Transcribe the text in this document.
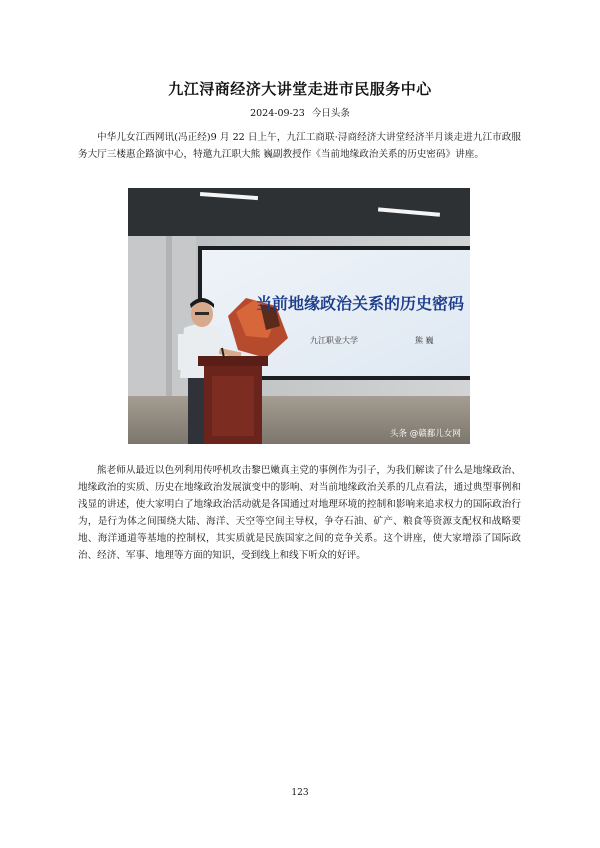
九江浔商经济大讲堂走进市民服务中心
2024-09-23 今日头条

中华儿女江西网讯(冯正经)9 月 22 日上午，九江工商联·浔商经济大讲堂经济半月谈走进九江市政服务大厅三楼惠企路演中心，特邀九江职大熊 巍副教授作《当前地缘政治关系的历史密码》讲座。

当前地缘政治关系的历史密码
九江职业大学	熊 巍
头条 @赣鄱儿女网

熊老师从最近以色列利用传呼机攻击黎巴嫩真主党的事例作为引子，为我们解读了什么是地缘政治、地缘政治的实质、历史在地缘政治发展演变中的影响、对当前地缘政治关系的几点看法，通过典型事例和浅显的讲述，使大家明白了地缘政治活动就是各国通过对地理环境的控制和影响来追求权力的国际政治行为，是行为体之间围绕大陆、海洋、天空等空间主导权，争夺石油、矿产、粮食等资源支配权和战略要地、海洋通道等基地的控制权，其实质就是民族国家之间的竞争关系。这个讲座，使大家增添了国际政治、经济、军事、地理等方面的知识，受到线上和线下听众的好评。

123
